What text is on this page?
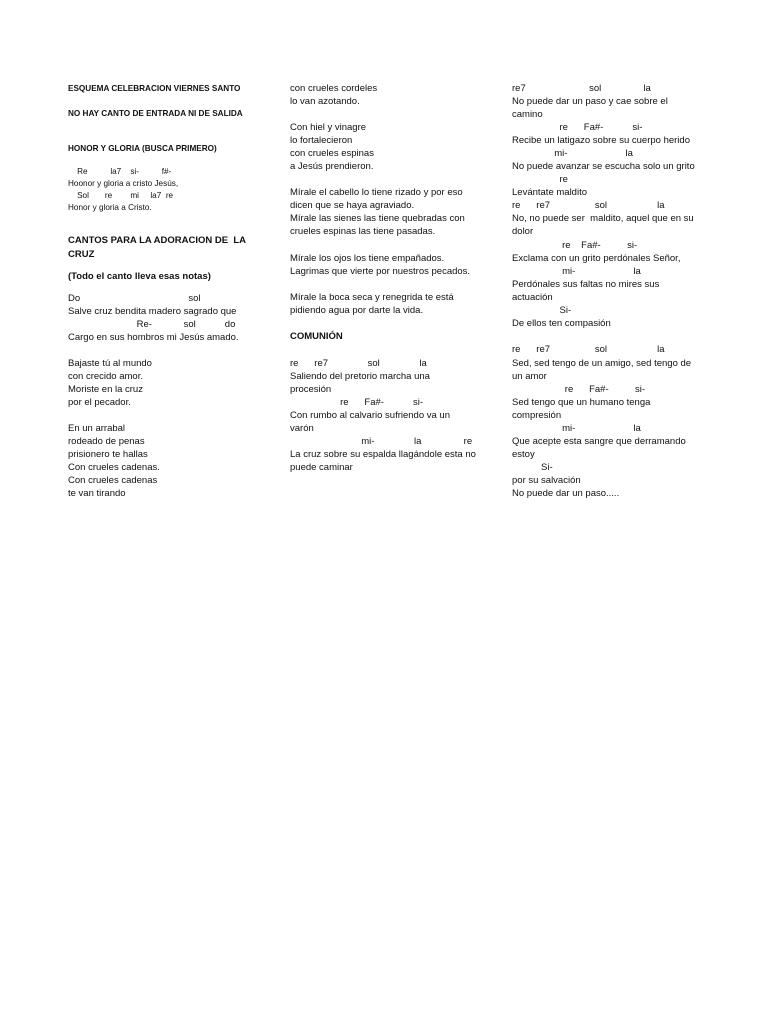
ESQUEMA CELEBRACION VIERNES SANTO
NO HAY CANTO DE ENTRADA NI DE SALIDA
HONOR Y GLORIA (BUSCA PRIMERO)
Re          la7    si-          f#-
Hoonor y gloria a cristo Jesús,
Sol       re        mi     la7  re
Honor y gloria a Cristo.
CANTOS PARA LA ADORACION DE  LA
CRUZ
(Todo el canto lleva esas notas)
Do                                         sol
Salve cruz bendita madero sagrado que
Re-            sol           do
Cargo en sus hombros mi Jesús amado.
Bajaste tú al mundo
con crecido amor.
Moriste en la cruz
por el pecador.
En un arrabal
rodeado de penas
prisionero te hallas
Con crueles cadenas.
Con crueles cadenas
te van tirando
con crueles cordeles
lo van azotando.
Con hiel y vinagre
lo fortalecieron
con crueles espinas
a Jesús prendieron.
Mírale el cabello lo tiene rizado y por eso
dicen que se haya agraviado.
Mírale las sienes las tiene quebradas con
crueles espinas las tiene pasadas.
Mírale los ojos los tiene empañados.
Lagrimas que vierte por nuestros pecados.
Mírale la boca seca y renegrida te está
pidiendo agua por darte la vida.
COMUNIÓN
re      re7               sol               la
Saliendo del pretorio marcha una
procesión
re      Fa#-           si-
Con rumbo al calvario sufriendo va un
varón
mi-               la                re
La cruz sobre su espalda llagándole esta no
puede caminar
re7                        sol                la
No puede dar un paso y cae sobre el
camino
re      Fa#-           si-
Recibe un latigazo sobre su cuerpo herido
mi-                      la
No puede avanzar se escucha solo un grito
re
Levántate maldito
re      re7                 sol                   la
No, no puede ser  maldito, aquel que en su
dolor
re    Fa#-          si-
Exclama con un grito perdónales Señor,
mi-                      la
Perdónales sus faltas no mires sus
actuación
Si-
De ellos ten compasión
re      re7                 sol                   la
Sed, sed tengo de un amigo, sed tengo de
un amor
re      Fa#-          si-
Sed tengo que un humano tenga
compresión
mi-                      la
Que acepte esta sangre que derramando
estoy
Si-
por su salvación
No puede dar un paso.....
